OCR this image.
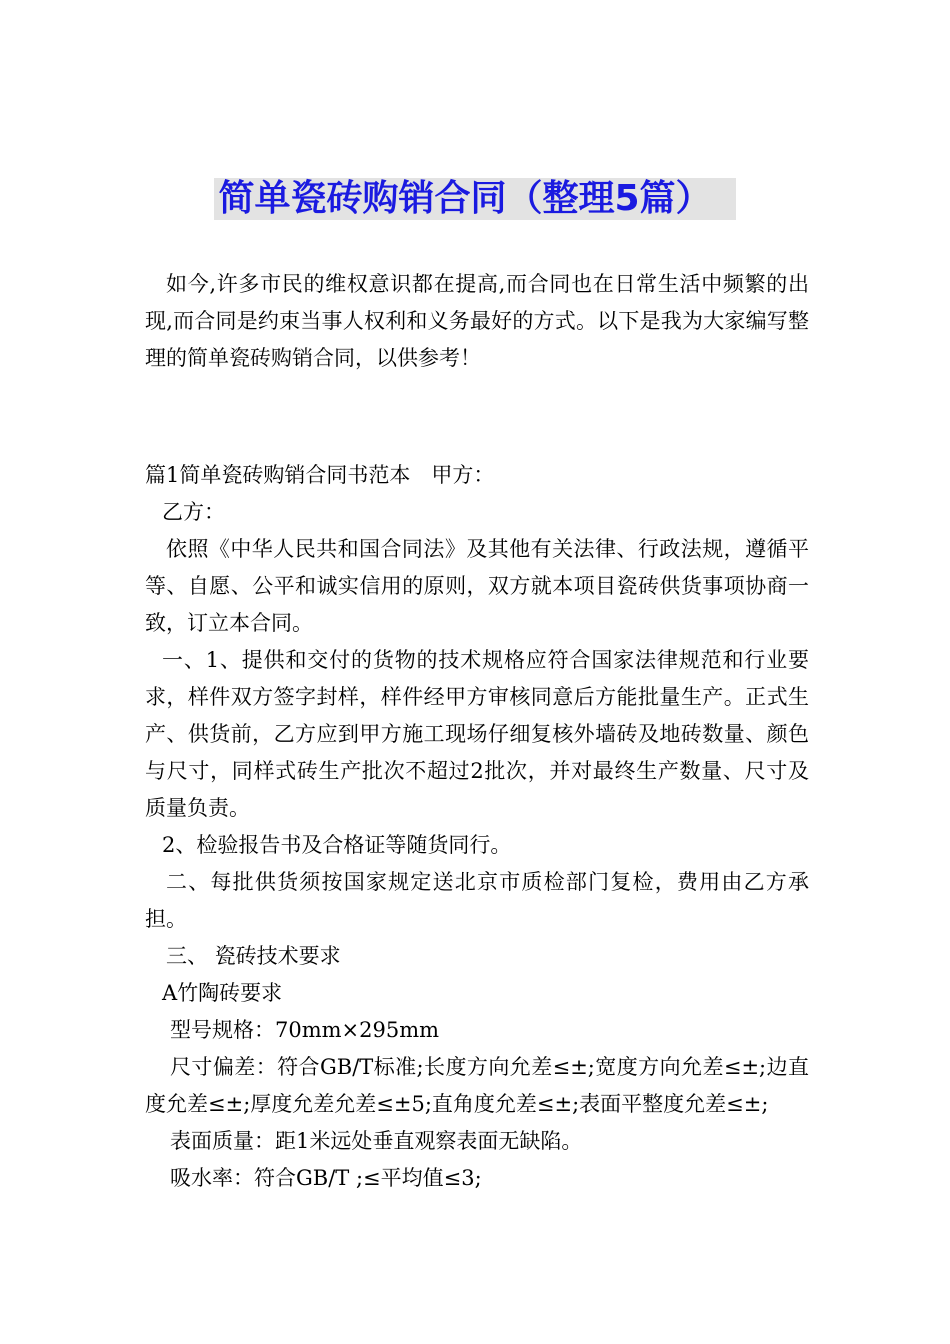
简单瓷砖购销合同（整理5篇）

如今,许多市民的维权意识都在提高,而合同也在日常生活中频繁的出现,而合同是约束当事人权利和义务最好的方式。以下是我为大家编写整理的简单瓷砖购销合同，以供参考！

篇1简单瓷砖购销合同书范本　甲方：

乙方：

依照《中华人民共和国合同法》及其他有关法律、行政法规，遵循平等、自愿、公平和诚实信用的原则，双方就本项目瓷砖供货事项协商一致，订立本合同。

一、1、提供和交付的货物的技术规格应符合国家法律规范和行业要求，样件双方签字封样，样件经甲方审核同意后方能批量生产。正式生产、供货前，乙方应到甲方施工现场仔细复核外墙砖及地砖数量、颜色与尺寸，同样式砖生产批次不超过2批次，并对最终生产数量、尺寸及质量负责。

2、检验报告书及合格证等随货同行。

二、每批供货须按国家规定送北京市质检部门复检，费用由乙方承担。

三、 瓷砖技术要求

A竹陶砖要求

型号规格：70mm×295mm

尺寸偏差：符合GB/T标准;长度方向允差≤±;宽度方向允差≤±;边直度允差≤±;厚度允差允差≤±5;直角度允差≤±;表面平整度允差≤±;

表面质量：距1米远处垂直观察表面无缺陷。

吸水率：符合GB/T ;≤平均值≤3;
